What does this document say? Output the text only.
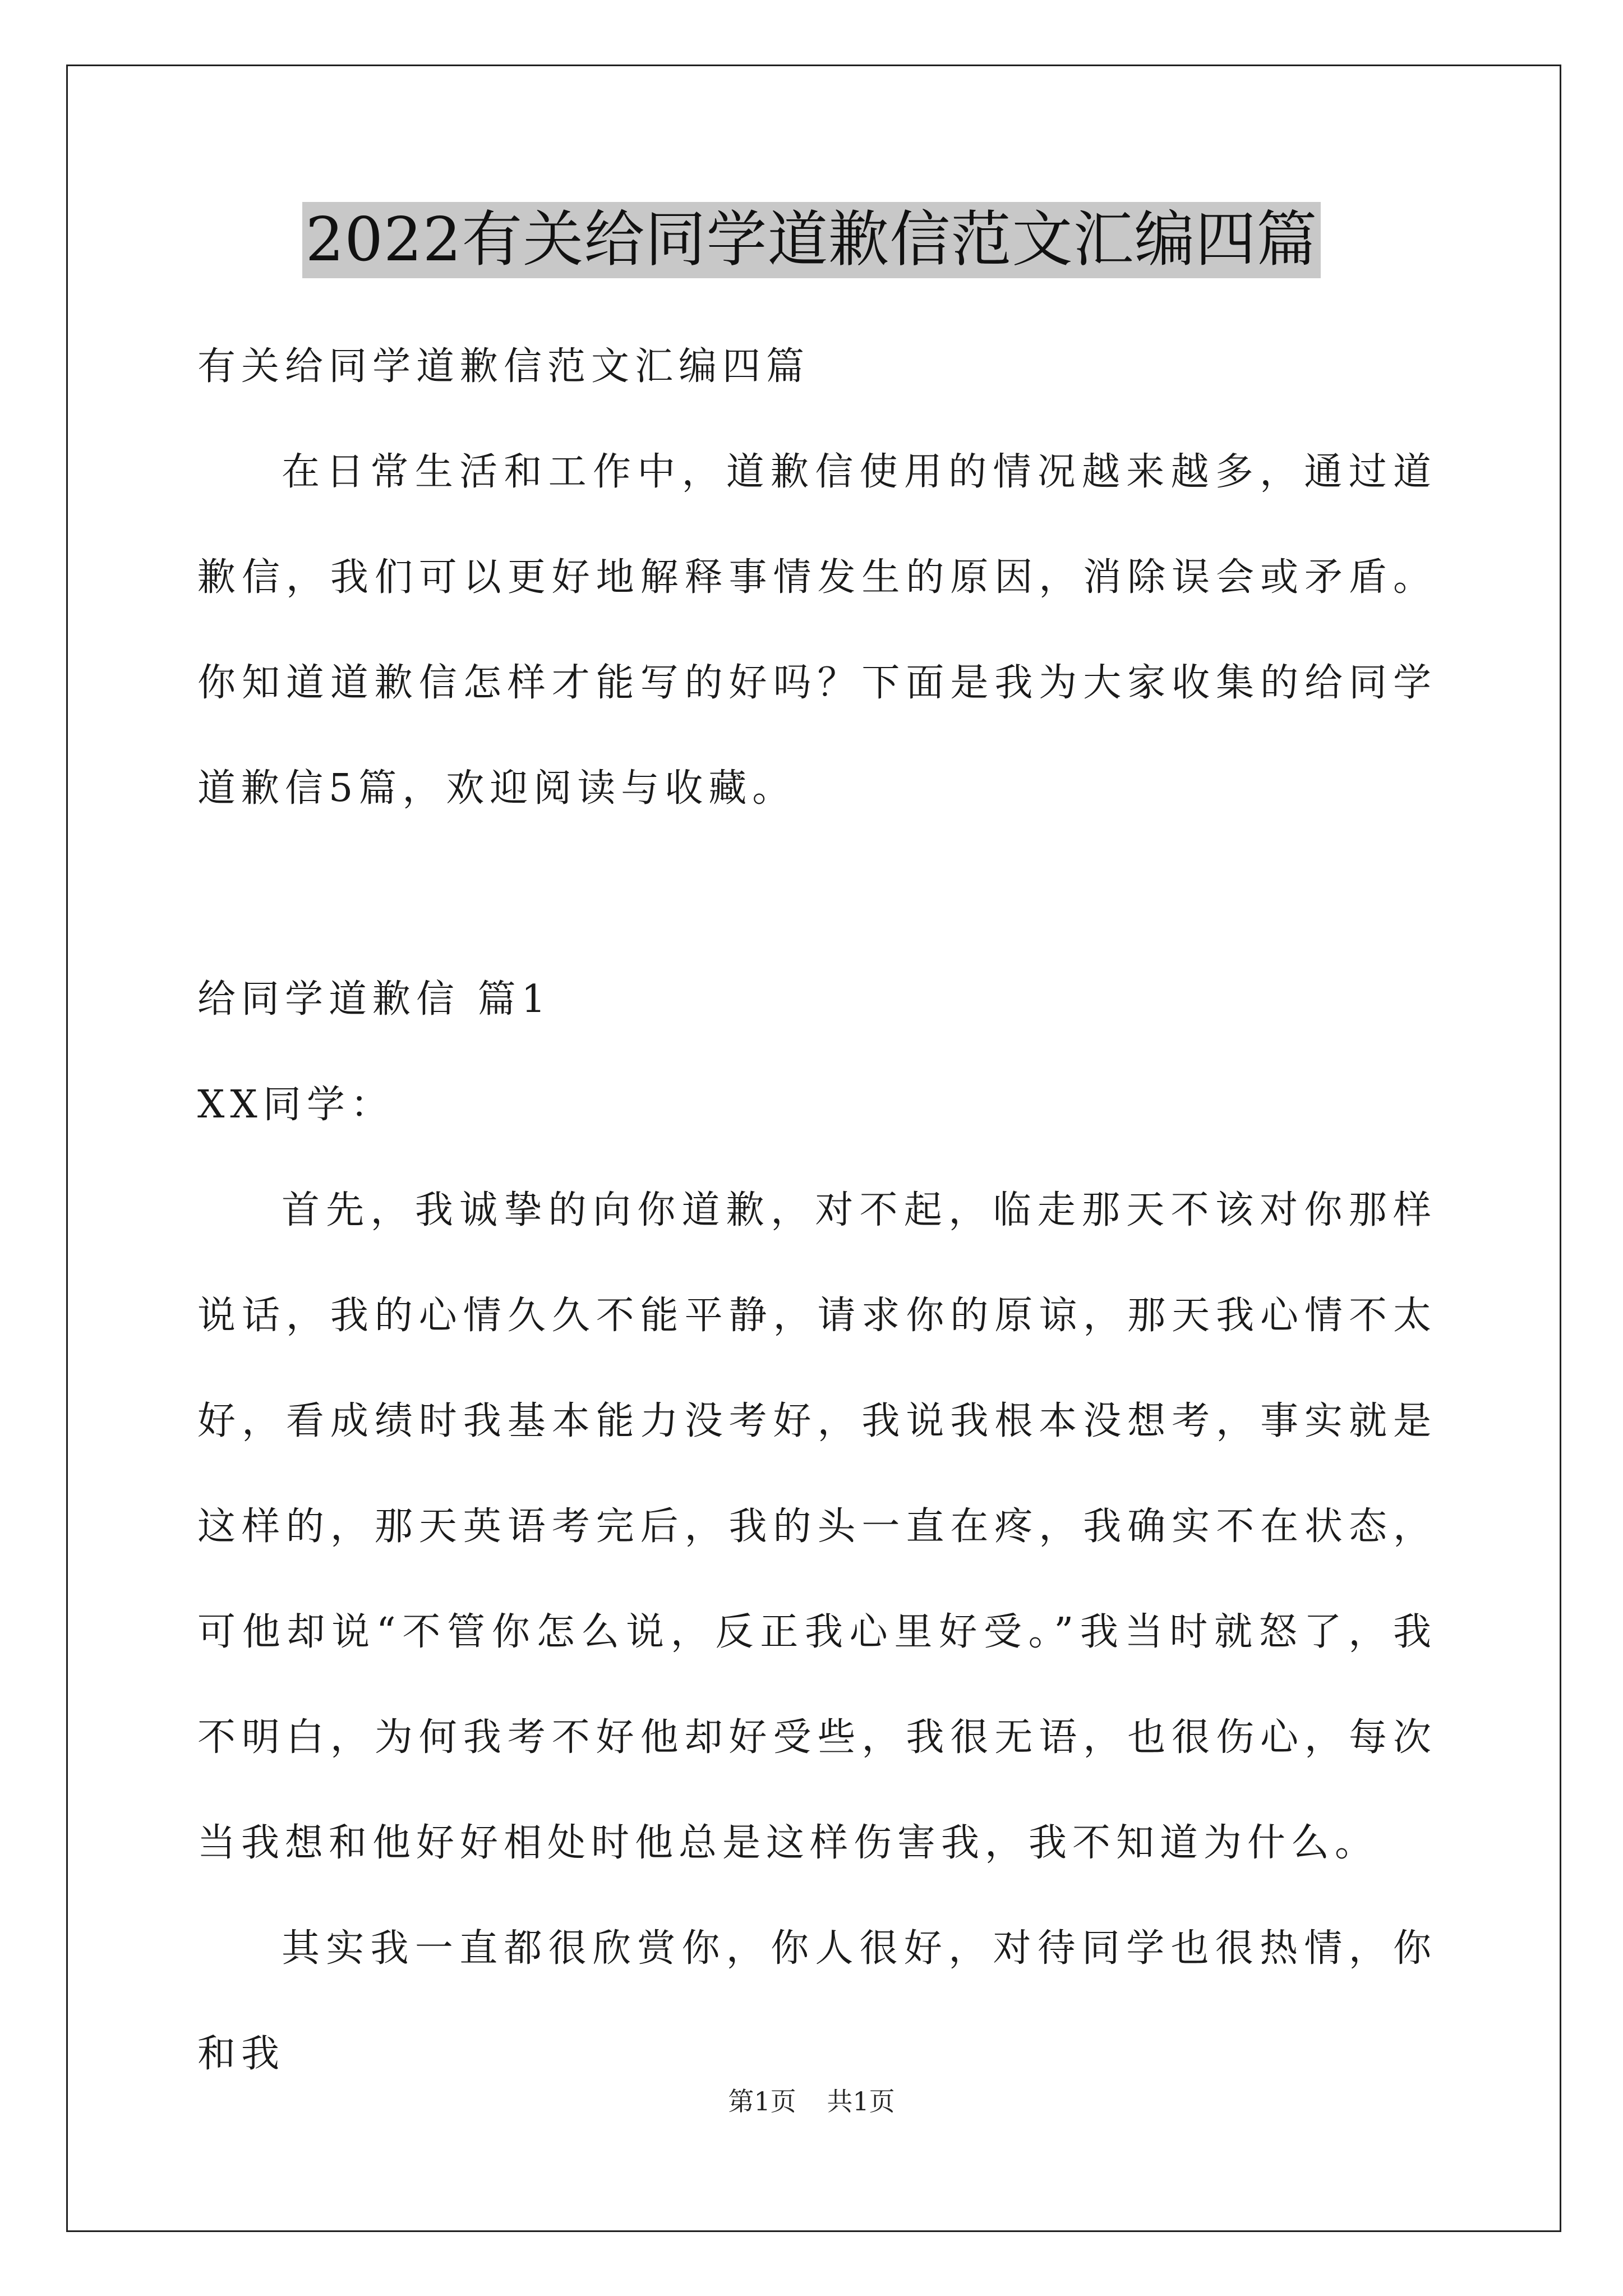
2022有关给同学道歉信范文汇编四篇
有关给同学道歉信范文汇编四篇
在日常生活和工作中，道歉信使用的情况越来越多，通过道歉信，我们可以更好地解释事情发生的原因，消除误会或矛盾。你知道道歉信怎样才能写的好吗？下面是我为大家收集的给同学道歉信5篇，欢迎阅读与收藏。
给同学道歉信 篇1
XX同学：
首先，我诚挚的向你道歉，对不起，临走那天不该对你那样说话，我的心情久久不能平静，请求你的原谅，那天我心情不太好，看成绩时我基本能力没考好，我说我根本没想考，事实就是这样的，那天英语考完后，我的头一直在疼，我确实不在状态，可他却说“不管你怎么说，反正我心里好受。”我当时就怒了，我不明白，为何我考不好他却好受些，我很无语，也很伤心，每次当我想和他好好相处时他总是这样伤害我，我不知道为什么。
其实我一直都很欣赏你，你人很好，对待同学也很热情，你和我
第1页 共1页
